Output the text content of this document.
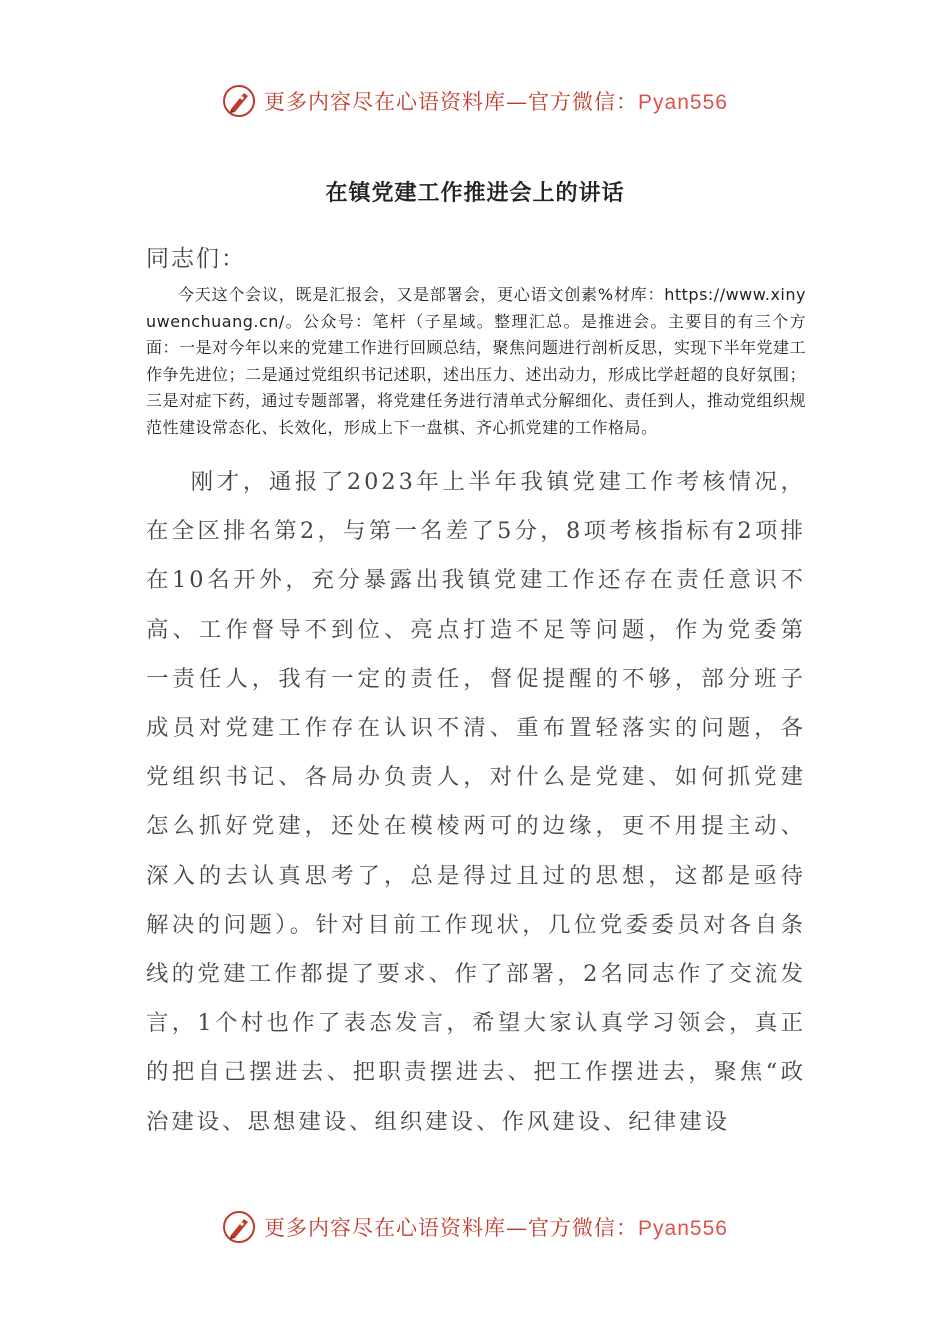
更多内容尽在心语资料库—官方微信：Pyan556
在镇党建工作推进会上的讲话
同志们：
今天这个会议，既是汇报会，又是部署会，更心语文创素%材库：https://www.xinyuwenchuang.cn/。公众号：笔杆（子星域。整理汇总。是推进会。主要目的有三个方面：一是对今年以来的党建工作进行回顾总结，聚焦问题进行剖析反思，实现下半年党建工作争先进位；二是通过党组织书记述职，述出压力、述出动力，形成比学赶超的良好氛围；三是对症下药，通过专题部署，将党建任务进行清单式分解细化、责任到人，推动党组织规范性建设常态化、长效化，形成上下一盘棋、齐心抓党建的工作格局。
刚才，通报了2023年上半年我镇党建工作考核情况，在全区排名第2，与第一名差了5分，8项考核指标有2项排在10名开外，充分暴露出我镇党建工作还存在责任意识不高、工作督导不到位、亮点打造不足等问题，作为党委第一责任人，我有一定的责任，督促提醒的不够，部分班子成员对党建工作存在认识不清、重布置轻落实的问题，各党组织书记、各局办负责人，对什么是党建、如何抓党建怎么抓好党建，还处在模棱两可的边缘，更不用提主动、深入的去认真思考了，总是得过且过的思想，这都是亟待解决的问题）。针对目前工作现状，几位党委委员对各自条线的党建工作都提了要求、作了部署，2名同志作了交流发言，1个村也作了表态发言，希望大家认真学习领会，真正的把自己摆进去、把职责摆进去、把工作摆进去，聚焦“政治建设、思想建设、组织建设、作风建设、纪律建设
更多内容尽在心语资料库—官方微信：Pyan556
